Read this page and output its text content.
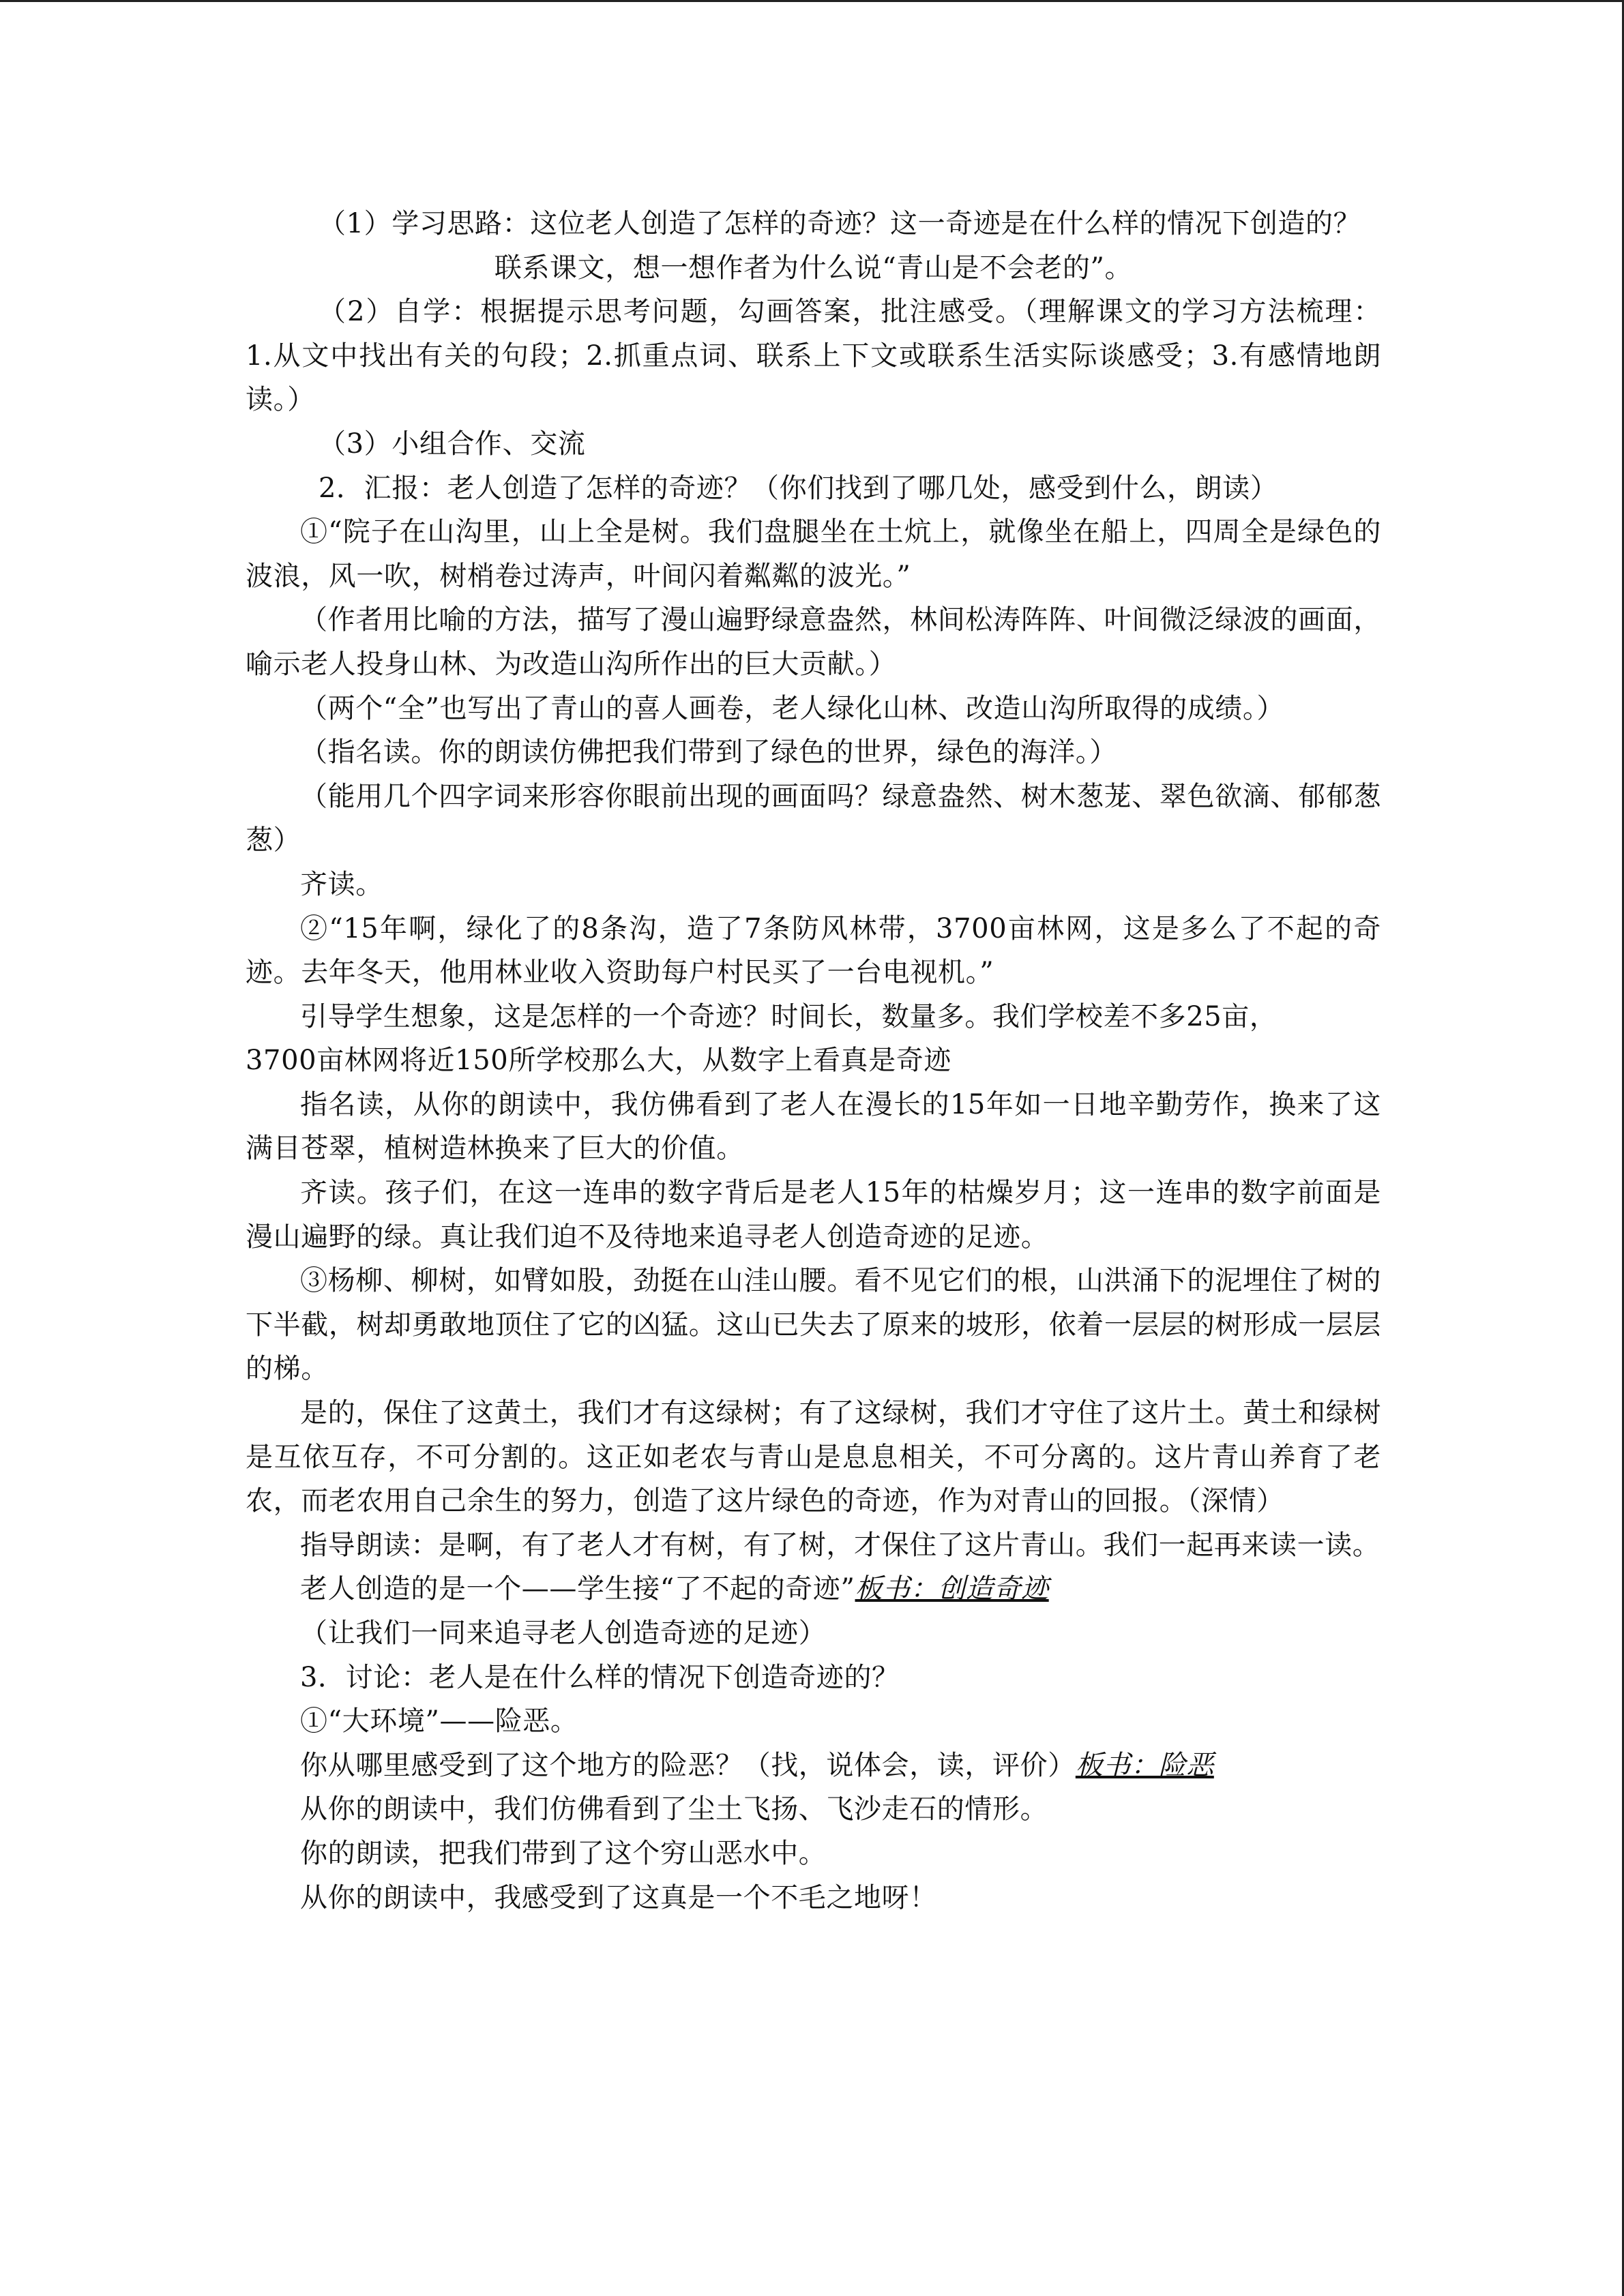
（1）学习思路：这位老人创造了怎样的奇迹？这一奇迹是在什么样的情况下创造的？

联系课文，想一想作者为什么说“青山是不会老的”。

（2）自学：根据提示思考问题，勾画答案，批注感受。（理解课文的学习方法梳理： 1.从文中找出有关的句段；2.抓重点词、联系上下文或联系生活实际谈感受；3.有感情地朗读。）

（3）小组合作、交流

2．汇报：老人创造了怎样的奇迹？（你们找到了哪几处，感受到什么，朗读）

①“院子在山沟里，山上全是树。我们盘腿坐在土炕上，就像坐在船上，四周全是绿色的波浪，风一吹，树梢卷过涛声，叶间闪着粼粼的波光。”

（作者用比喻的方法，描写了漫山遍野绿意盎然，林间松涛阵阵、叶间微泛绿波的画面，喻示老人投身山林、为改造山沟所作出的巨大贡献。）

（两个“全”也写出了青山的喜人画卷，老人绿化山林、改造山沟所取得的成绩。）

（指名读。你的朗读仿佛把我们带到了绿色的世界，绿色的海洋。）

（能用几个四字词来形容你眼前出现的画面吗？绿意盎然、树木葱茏、翠色欲滴、郁郁葱葱）

齐读。

②“15年啊，绿化了的8条沟，造了7条防风林带，3700亩林网，这是多么了不起的奇迹。去年冬天，他用林业收入资助每户村民买了一台电视机。”

引导学生想象，这是怎样的一个奇迹？时间长，数量多。我们学校差不多25亩，

3700亩林网将近150所学校那么大，从数字上看真是奇迹

指名读，从你的朗读中，我仿佛看到了老人在漫长的15年如一日地辛勤劳作，换来了这满目苍翠，植树造林换来了巨大的价值。

齐读。孩子们，在这一连串的数字背后是老人15年的枯燥岁月；这一连串的数字前面是漫山遍野的绿。真让我们迫不及待地来追寻老人创造奇迹的足迹。

③杨柳、柳树，如臂如股，劲挺在山洼山腰。看不见它们的根，山洪涌下的泥埋住了树的下半截，树却勇敢地顶住了它的凶猛。这山已失去了原来的坡形，依着一层层的树形成一层层的梯。

是的，保住了这黄土，我们才有这绿树；有了这绿树，我们才守住了这片土。黄土和绿树是互依互存，不可分割的。这正如老农与青山是息息相关，不可分离的。这片青山养育了老农，而老农用自己余生的努力，创造了这片绿色的奇迹，作为对青山的回报。（深情）

指导朗读：是啊，有了老人才有树，有了树，才保住了这片青山。我们一起再来读一读。

老人创造的是一个——学生接“了不起的奇迹”板书：创造奇迹

（让我们一同来追寻老人创造奇迹的足迹）

3．讨论：老人是在什么样的情况下创造奇迹的？

①“大环境”——险恶。

你从哪里感受到了这个地方的险恶？（找，说体会，读，评价）板书：险恶

从你的朗读中，我们仿佛看到了尘土飞扬、飞沙走石的情形。

你的朗读，把我们带到了这个穷山恶水中。

从你的朗读中，我感受到了这真是一个不毛之地呀！
